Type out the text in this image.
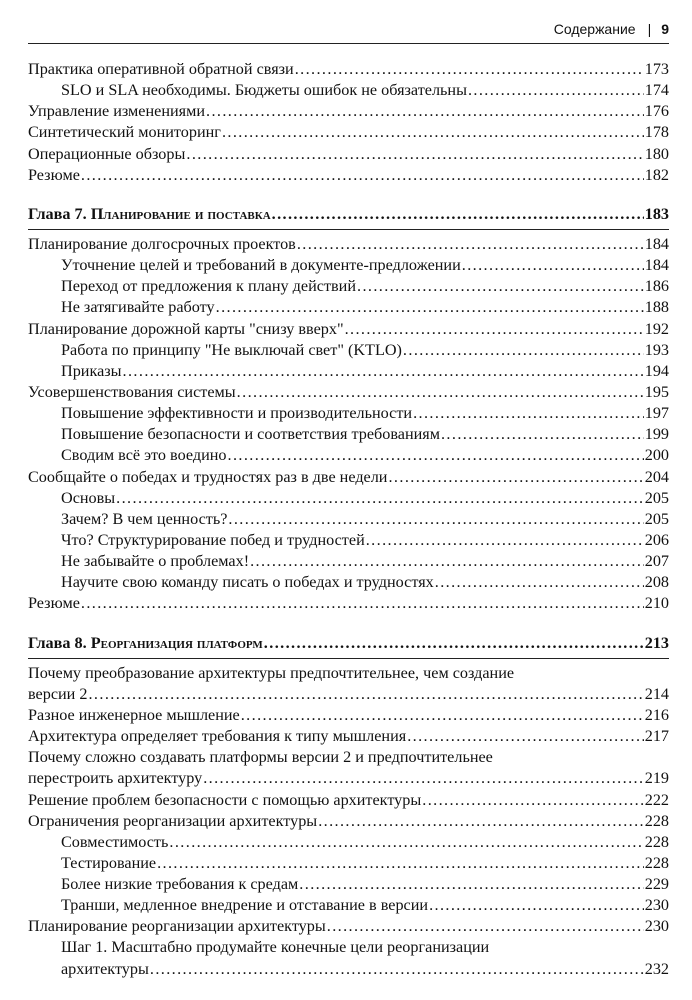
Содержание | 9
Практика оперативной обратной связи .....	173
SLO и SLA необходимы. Бюджеты ошибок не обязательны .....	174
Управление изменениями .....	176
Синтетический мониторинг .....	178
Операционные обзоры .....	180
Резюме .....	182
Глава 7. Планирование и поставка .....	183
Планирование долгосрочных проектов .....	184
Уточнение целей и требований в документе-предложении .....	184
Переход от предложения к плану действий .....	186
Не затягивайте работу .....	188
Планирование дорожной карты "снизу вверх" .....	192
Работа по принципу "Не выключай свет" (KTLO) .....	193
Приказы .....	194
Усовершенствования системы .....	195
Повышение эффективности и производительности .....	197
Повышение безопасности и соответствия требованиям .....	199
Сводим всё это воедино .....	200
Сообщайте о победах и трудностях раз в две недели .....	204
Основы .....	205
Зачем? В чем ценность? .....	205
Что? Структурирование побед и трудностей .....	206
Не забывайте о проблемах! .....	207
Научите свою команду писать о победах и трудностях .....	208
Резюме .....	210
Глава 8. Реорганизация платформ .....	213
Почему преобразование архитектуры предпочтительнее, чем создание
версии 2 .....	214
Разное инженерное мышление .....	216
Архитектура определяет требования к типу мышления .....	217
Почему сложно создавать платформы версии 2 и предпочтительнее
перестроить архитектуру .....	219
Решение проблем безопасности с помощью архитектуры .....	222
Ограничения реорганизации архитектуры .....	228
Совместимость .....	228
Тестирование .....	228
Более низкие требования к средам .....	229
Транши, медленное внедрение и отставание в версии .....	230
Планирование реорганизации архитектуры .....	230
Шаг 1. Масштабно продумайте конечные цели реорганизации
архитектуры .....	232
